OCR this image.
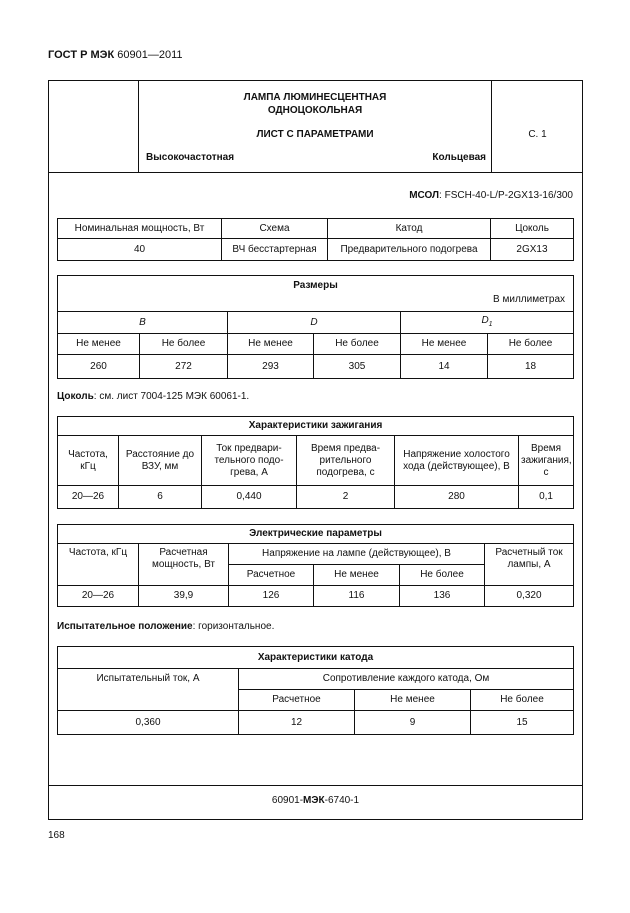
ГОСТ Р МЭК 60901—2011
ЛАМПА ЛЮМИНЕСЦЕНТНАЯ
ОДНОЦОКОЛЬНАЯ
ЛИСТ С ПАРАМЕТРАМИ
Высокочастотная	Кольцевая
С. 1
МСОЛ: FSCH-40-L/P-2GX13-16/300
Номинальная мощность, Вт	Схема	Катод	Цоколь
40	ВЧ бесстартерная	Предварительного подогрева	2GX13
Размеры
В миллиметрах					

B		D		$D_1$
Не менее	Не более	Не менее	Не более	Не менее	Не более
260	272	293	305	14	18
Цоколь: см. лист 7004-125 МЭК 60061-1.
Характеристики зажигания					
Частота, кГц	Расстояние до ВЗУ, мм	Ток предвари-тельного подо-грева, А	Время предва-рительного подогрева, с	Напряжение холостого хода (действующее), В	Время зажигания, с
20—26	6	0,440	2	280	0,1
Электрические параметры					
Частота, кГц	Расчетная мощность, Вт	Напряжение на лампе (действующее), В			Расчетный ток лампы, А
		Расчетное	Не менее	Не более	
20—26	39,9	126	116	136	0,320
Испытательное положение: горизонтальное.
Характеристики катода			
Испытательный ток, А	Сопротивление каждого катода, Ом		
	Расчетное	Не менее	Не более
0,360	12	9	15
60901-МЭК-6740-1
168
